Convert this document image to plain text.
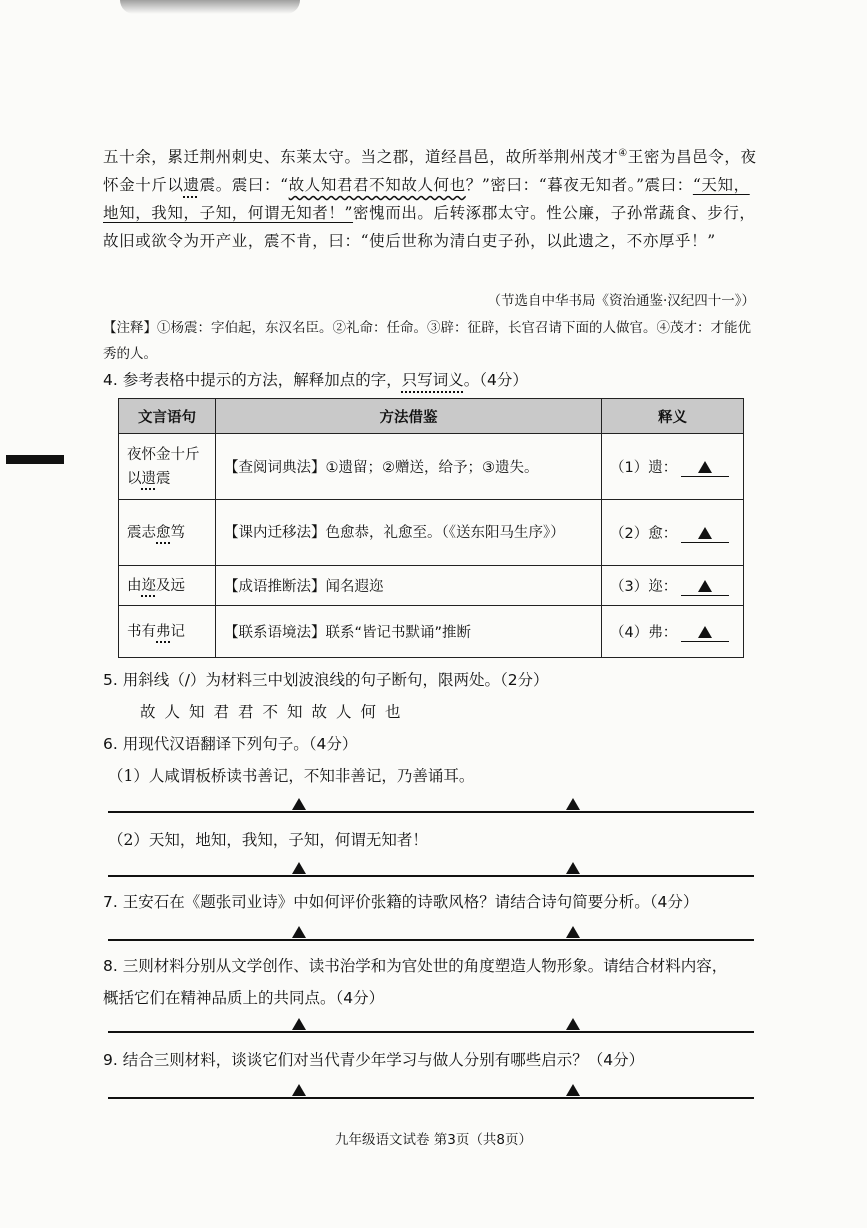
五十余，累迁荆州刺史、东莱太守。当之郡，道经昌邑，故所举荆州茂才④王密为昌邑令，夜怀金十斤以遗震。震曰：“故人知君君不知故人何也？”密曰：“暮夜无知者。”震曰：“天知，地知，我知，子知，何谓无知者！”密愧而出。后转涿郡太守。性公廉，子孙常蔬食、步行，故旧或欲令为开产业，震不肯，曰：“使后世称为清白吏子孙，以此遗之，不亦厚乎！”
（节选自中华书局《资治通鉴·汉纪四十一》）
【注释】①杨震：字伯起，东汉名臣。②礼命：任命。③辟：征辟，长官召请下面的人做官。④茂才：才能优秀的人。
4. 参考表格中提示的方法，解释加点的字，只写词义。（4分）
文言语句	方法借鉴	释义
夜怀金十斤以遗震	【查阅词典法】①遗留；②赠送，给予；③遗失。	（1）遗：
震志愈笃	【课内迁移法】色愈恭，礼愈至。（《送东阳马生序》）	（2）愈：
由迩及远	【成语推断法】闻名遐迩	（3）迩：
书有弗记	【联系语境法】联系“皆记书默诵”推断	（4）弗：
5. 用斜线（/）为材料三中划波浪线的句子断句，限两处。（2分）
故人知君君不知故人何也
6. 用现代汉语翻译下列句子。（4分）
（1）人咸谓板桥读书善记，不知非善记，乃善诵耳。
（2）天知，地知，我知，子知，何谓无知者！
7. 王安石在《题张司业诗》中如何评价张籍的诗歌风格？请结合诗句简要分析。（4分）
8. 三则材料分别从文学创作、读书治学和为官处世的角度塑造人物形象。请结合材料内容，
概括它们在精神品质上的共同点。（4分）
9. 结合三则材料，谈谈它们对当代青少年学习与做人分别有哪些启示？（4分）
九年级语文试卷 第3页（共8页）
